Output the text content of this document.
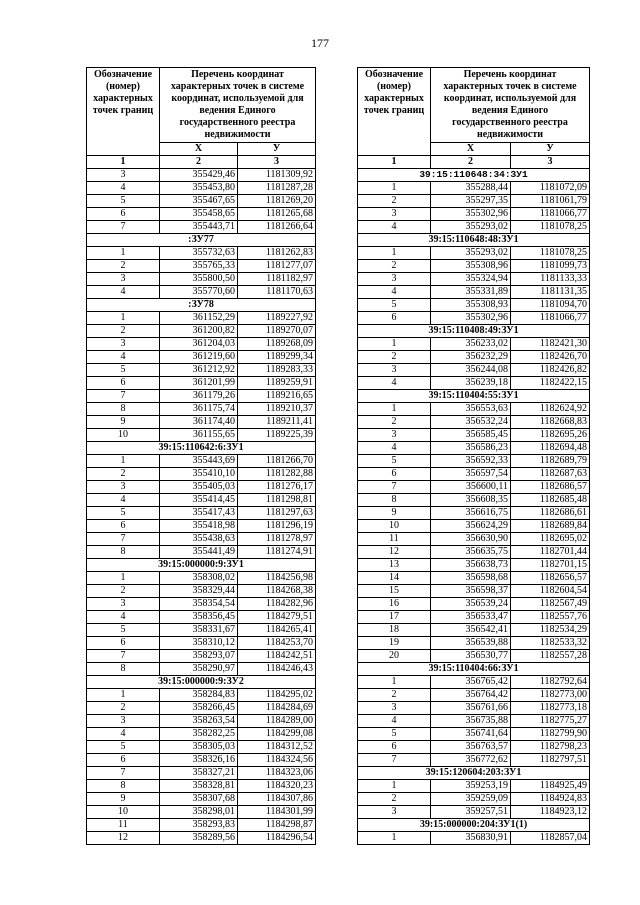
177
Обозначение (номер) характерных точек границ	Перечень координат характерных точек в системе координат, используемой для ведения Единого государственного реестра недвижимости	
	Х	У
1	2	3
3	355429,46	1181309,92
4	355453,80	1181287,28
5	355467,65	1181269,20
6	355458,65	1181265,68
7	355443,71	1181266,64
:ЗУ77		
1	355732,63	1181262,83
2	355765,33	1181277,07
3	355800,50	1181182,97
4	355770,60	1181170,63
:ЗУ78		
1	361152,29	1189227,92
2	361200,82	1189270,07
3	361204,03	1189268,09
4	361219,60	1189299,34
5	361212,92	1189283,33
6	361201,99	1189259,91
7	361179,26	1189216,65
8	361175,74	1189210,37
9	361174,40	1189211,41
10	361155,65	1189225,39
39:15:110642:6:ЗУ1		
1	355443,69	1181266,70
2	355410,10	1181282,88
3	355405,03	1181276,17
4	355414,45	1181298,81
5	355417,43	1181297,63
6	355418,98	1181296,19
7	355438,63	1181278,97
8	355441,49	1181274,91
39:15:000000:9:ЗУ1		
1	358308,02	1184256,98
2	358329,44	1184268,38
3	358354,54	1184282,96
4	358356,45	1184279,51
5	358331,67	1184265,41
6	358310,12	1184253,70
7	358293,07	1184242,51
8	358290,97	1184246,43
39:15:000000:9:ЗУ2		
1	358284,83	1184295,02
2	358266,45	1184284,69
3	358263,54	1184289,00
4	358282,25	1184299,08
5	358305,03	1184312,52
6	358326,16	1184324,56
7	358327,21	1184323,06
8	358328,81	1184320,23
9	358307,68	1184307,86
10	358298,01	1184301,99
11	358293,83	1184298,87
12	358289,56	1184296,54
Обозначение (номер) характерных точек границ	Перечень координат характерных точек в системе координат, используемой для ведения Единого государственного реестра недвижимости	
	Х	У
1	2	3
39:15:110648:34:ЗУ1		
1	355288,44	1181072,09
2	355297,35	1181061,79
3	355302,96	1181066,77
4	355293,02	1181078,25
39:15:110648:48:ЗУ1		
1	355293,02	1181078,25
2	355308,96	1181099,73
3	355324,94	1181133,33
4	355331,89	1181131,35
5	355308,93	1181094,70
6	355302,96	1181066,77
39:15:110408:49:ЗУ1		
1	356233,02	1182421,30
2	356232,29	1182426,70
3	356244,08	1182426,82
4	356239,18	1182422,15
39:15:110404:55:ЗУ1		
1	356553,63	1182624,92
2	356532,24	1182668,83
3	356585,45	1182695,26
4	356586,23	1182694,48
5	356592,33	1182689,79
6	356597,54	1182687,63
7	356600,11	1182686,57
8	356608,35	1182685,48
9	356616,75	1182686,61
10	356624,29	1182689,84
11	356630,90	1182695,02
12	356635,75	1182701,44
13	356638,73	1182701,15
14	356598,68	1182656,57
15	356598,37	1182604,54
16	356539,24	1182567,49
17	356533,47	1182557,76
18	356542,41	1182534,29
19	356539,88	1182533,32
20	356530,77	1182557,28
39:15:110404:66:ЗУ1		
1	356765,42	1182792,64
2	356764,42	1182773,00
3	356761,66	1182773,18
4	356735,88	1182775,27
5	356741,64	1182799,90
6	356763,57	1182798,23
7	356772,62	1182797,51
39:15:120604:203:ЗУ1		
1	359253,19	1184925,49
2	359259,09	1184924,83
3	359257,51	1184923,12
39:15:000000:204:ЗУ1(1)		
1	356830,91	1182857,04
